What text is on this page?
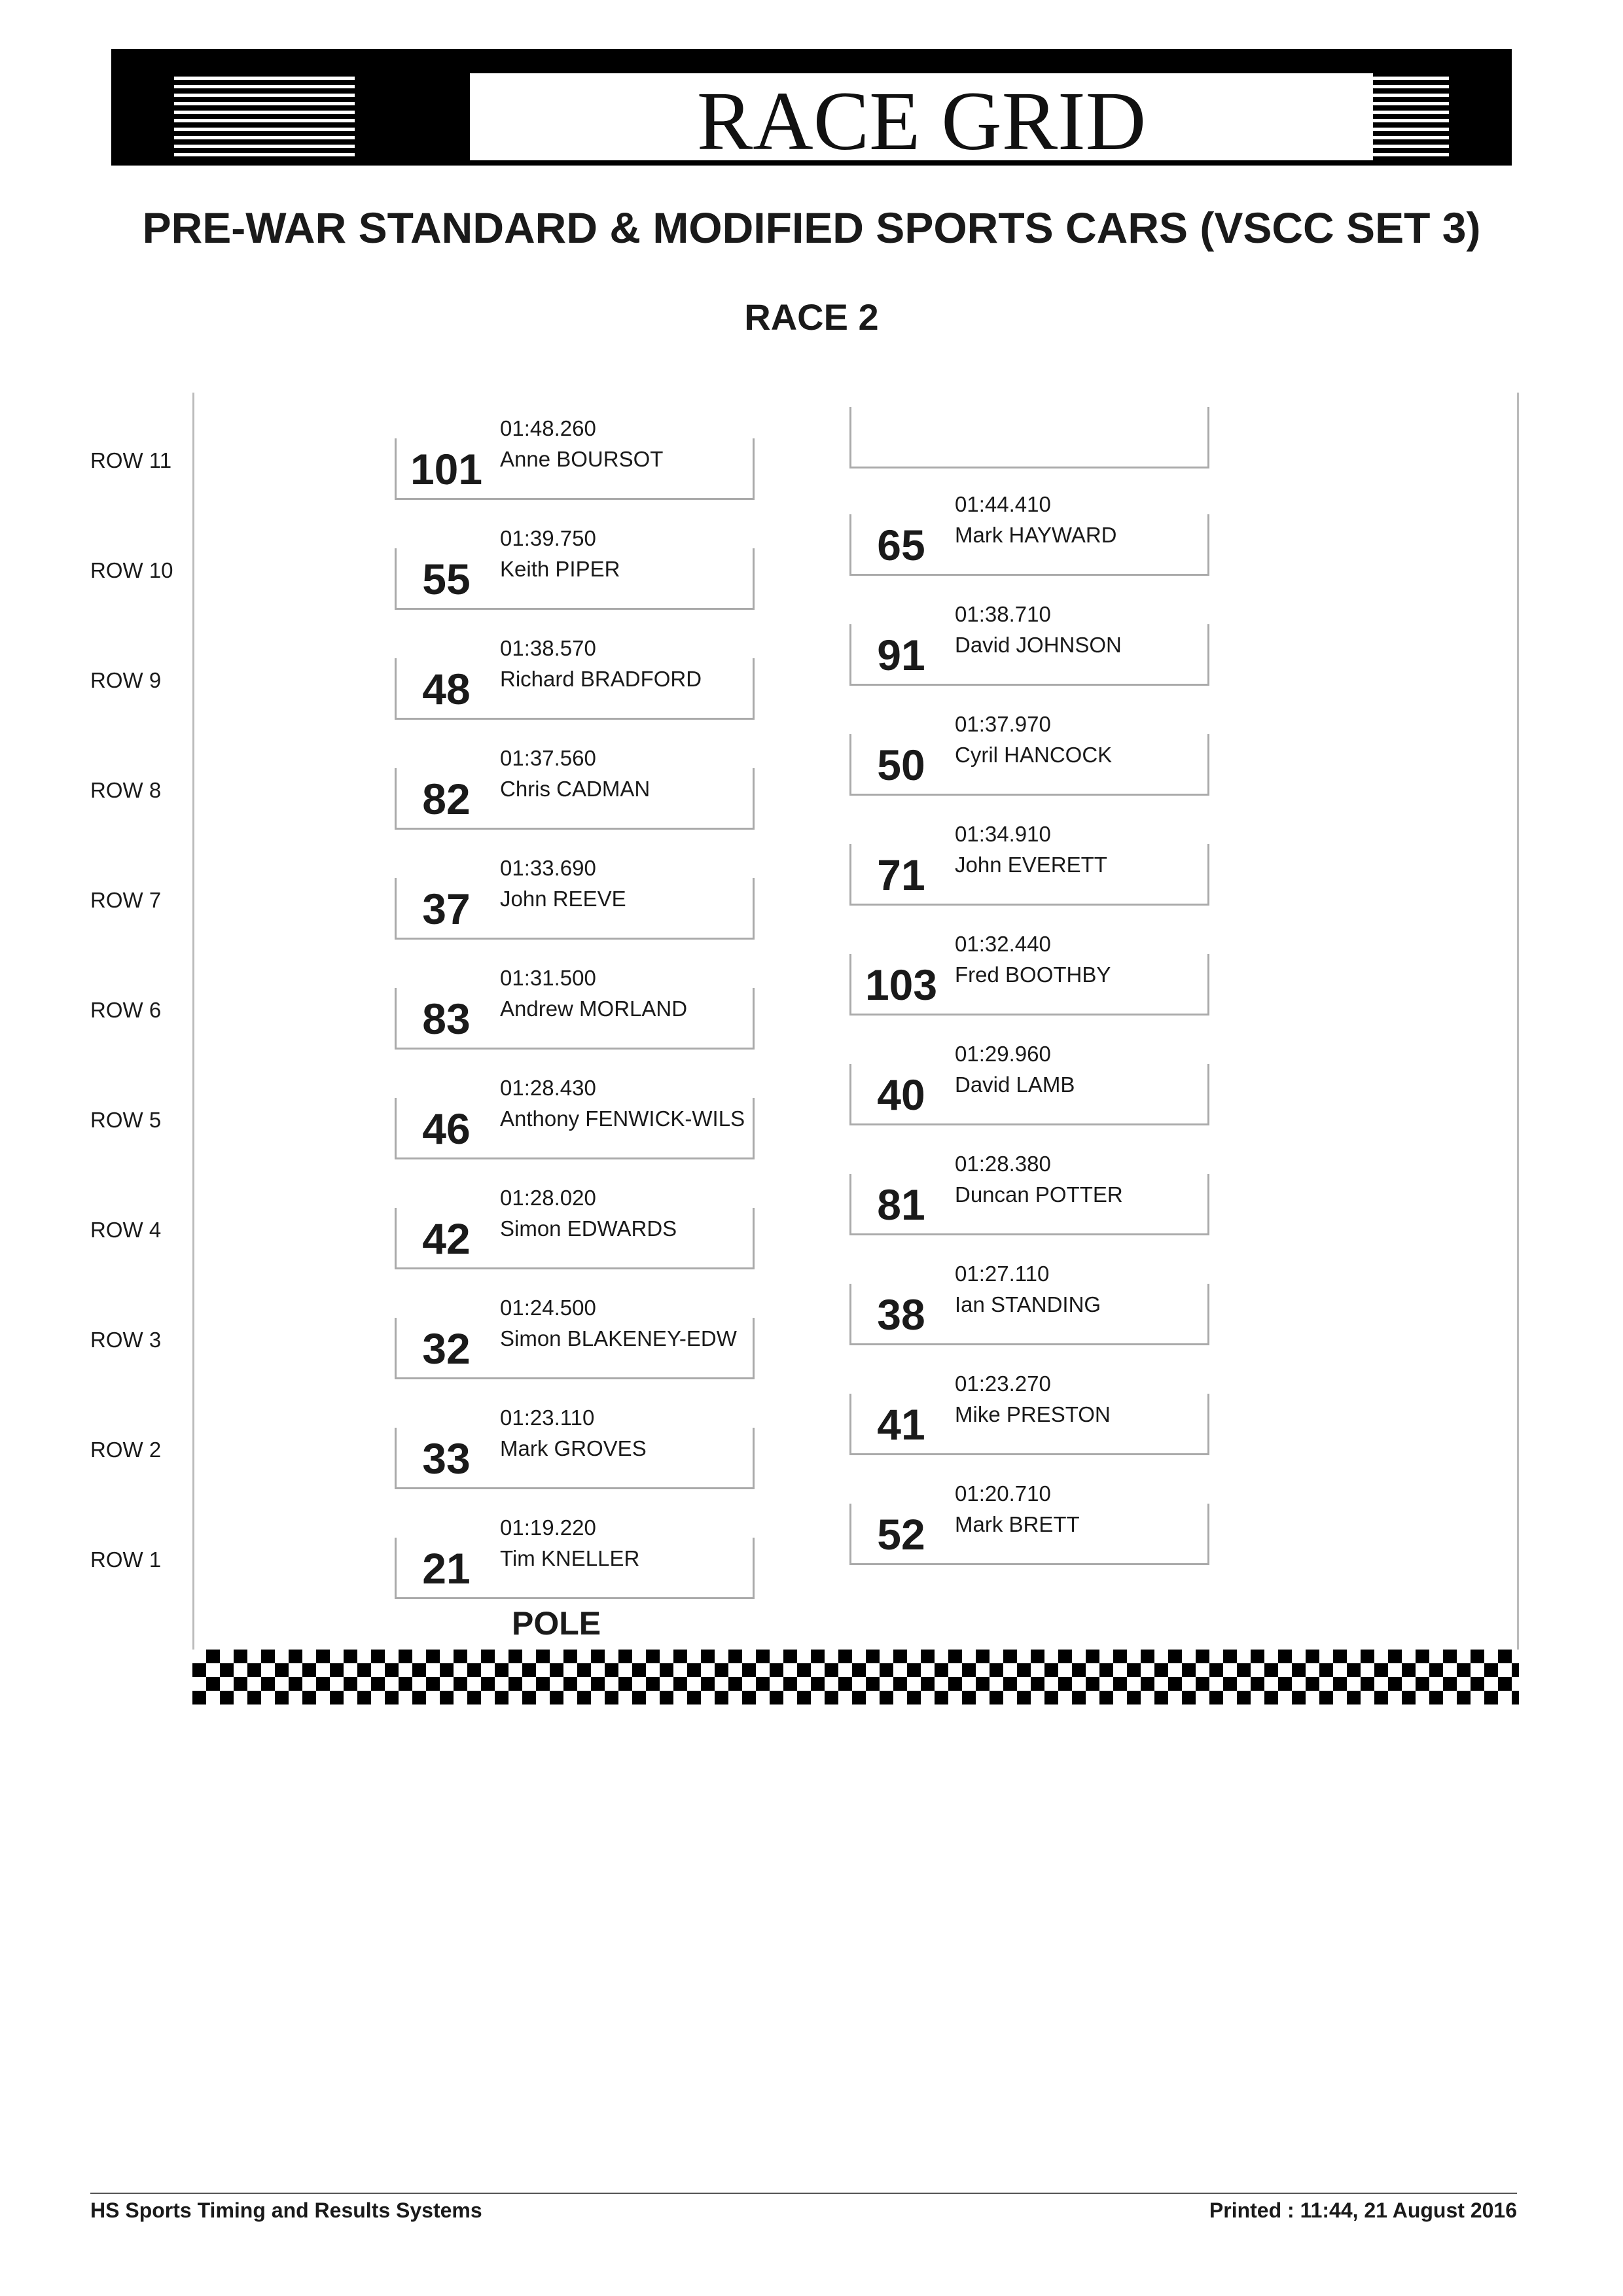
RACE GRID
PRE-WAR STANDARD & MODIFIED SPORTS CARS (VSCC SET 3)
RACE 2
ROW 11
ROW 10
ROW 9
ROW 8
ROW 7
ROW 6
ROW 5
ROW 4
ROW 3
ROW 2
ROW 1
101
01:48.260
Anne BOURSOT
55
01:39.750
Keith PIPER
48
01:38.570
Richard BRADFORD
82
01:37.560
Chris CADMAN
37
01:33.690
John REEVE
83
01:31.500
Andrew MORLAND
46
01:28.430
Anthony FENWICK-WILS
42
01:28.020
Simon EDWARDS
32
01:24.500
Simon BLAKENEY-EDW
33
01:23.110
Mark GROVES
21
01:19.220
Tim KNELLER
65
01:44.410
Mark HAYWARD
91
01:38.710
David JOHNSON
50
01:37.970
Cyril HANCOCK
71
01:34.910
John EVERETT
103
01:32.440
Fred BOOTHBY
40
01:29.960
David LAMB
81
01:28.380
Duncan POTTER
38
01:27.110
Ian STANDING
41
01:23.270
Mike PRESTON
52
01:20.710
Mark BRETT
POLE
HS Sports Timing and Results Systems	Printed : 11:44, 21 August 2016
